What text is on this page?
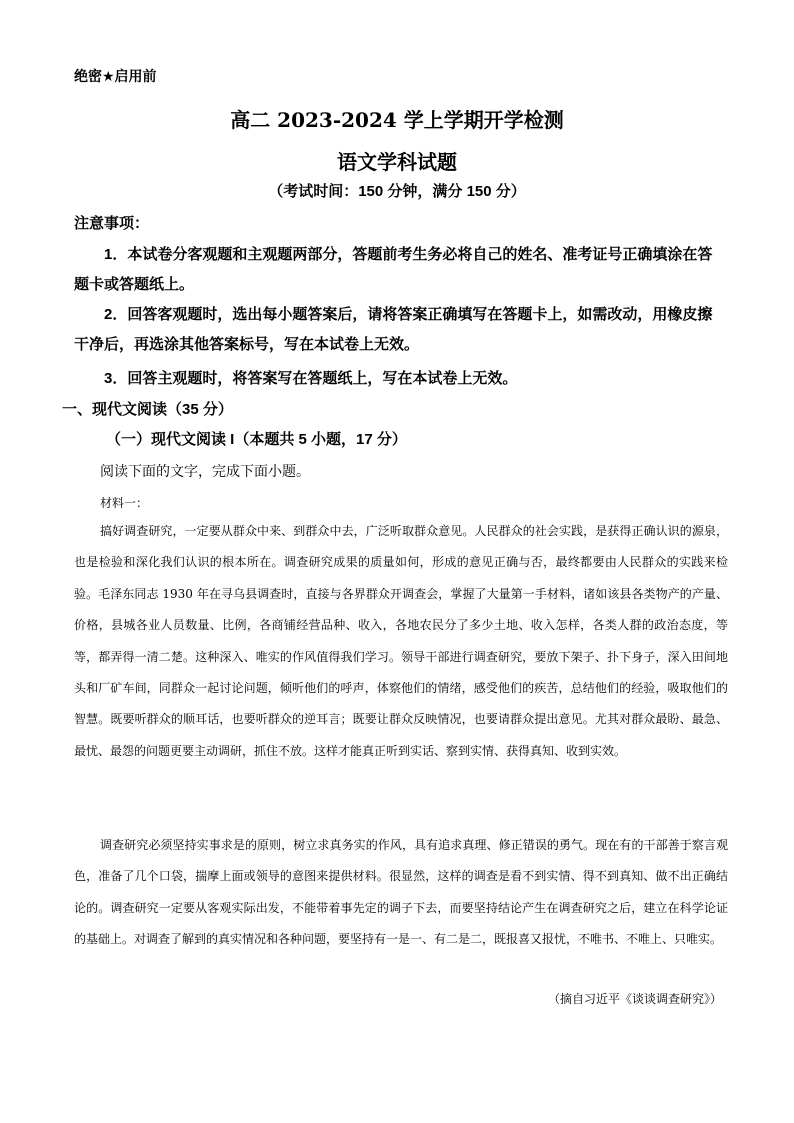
绝密★启用前
高二 2023-2024 学上学期开学检测
语文学科试题
（考试时间：150 分钟，满分 150 分）
注意事项：

1．本试卷分客观题和主观题两部分，答题前考生务必将自己的姓名、准考证号正确填涂在答题卡或答题纸上。

2．回答客观题时，选出每小题答案后，请将答案正确填写在答题卡上，如需改动，用橡皮擦干净后，再选涂其他答案标号，写在本试卷上无效。

3．回答主观题时，将答案写在答题纸上，写在本试卷上无效。

一、现代文阅读（35 分）
（一）现代文阅读 I（本题共 5 小题，17 分）
阅读下面的文字，完成下面小题。
材料一：

搞好调查研究，一定要从群众中来、到群众中去，广泛听取群众意见。人民群众的社会实践，是获得正确认识的源泉，也是检验和深化我们认识的根本所在。调查研究成果的质量如何，形成的意见正确与否，最终都要由人民群众的实践来检验。毛泽东同志 1930 年在寻乌县调查时，直接与各界群众开调查会，掌握了大量第一手材料，诸如该县各类物产的产量、价格，县城各业人员数量、比例，各商铺经营品种、收入，各地农民分了多少土地、收入怎样，各类人群的政治态度，等等，都弄得一清二楚。这种深入、唯实的作风值得我们学习。领导干部进行调查研究，要放下架子、扑下身子，深入田间地头和厂矿车间，同群众一起讨论问题，倾听他们的呼声，体察他们的情绪，感受他们的疾苦，总结他们的经验，吸取他们的智慧。既要听群众的顺耳话，也要听群众的逆耳言；既要让群众反映情况，也要请群众提出意见。尤其对群众最盼、最急、最忧、最怨的问题更要主动调研，抓住不放。这样才能真正听到实话、察到实情、获得真知、收到实效。

调查研究必须坚持实事求是的原则，树立求真务实的作风，具有追求真理、修正错误的勇气。现在有的干部善于察言观色，准备了几个口袋，揣摩上面或领导的意图来提供材料。很显然，这样的调查是看不到实情、得不到真知、做不出正确结论的。调查研究一定要从客观实际出发，不能带着事先定的调子下去，而要坚持结论产生在调查研究之后，建立在科学论证的基础上。对调查了解到的真实情况和各种问题，要坚持有一是一、有二是二，既报喜又报忧，不唯书、不唯上、只唯实。

（摘自习近平《谈谈调查研究》）
